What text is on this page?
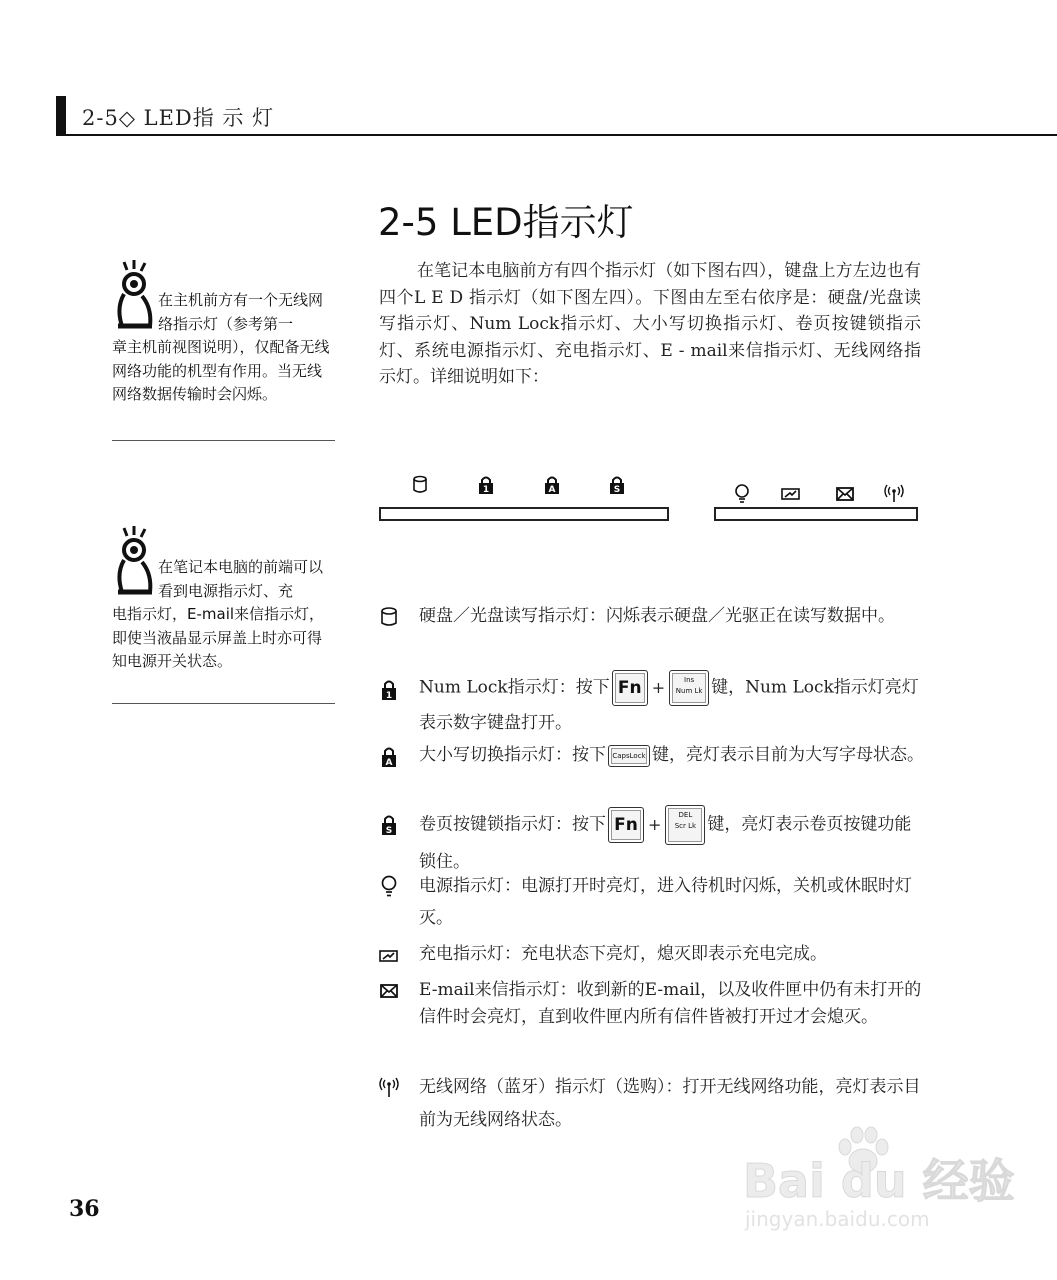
2-5◇ LED指 示 灯
2-5 LED指示灯
在笔记本电脑前方有四个指示灯（如下图右四），键盘上方左边也有四个L E D 指示灯（如下图左四）。下图由左至右依序是：硬盘/光盘读写指示灯、Num Lock指示灯、大小写切换指示灯、卷页按键锁指示灯、系统电源指示灯、充电指示灯、E - mail来信指示灯、无线网络指示灯。详细说明如下：
在主机前方有一个无线网络指示灯（参考第一
章主机前视图说明），仅配备无线网络功能的机型有作用。当无线网络数据传输时会闪烁。
在笔记本电脑的前端可以看到电源指示灯、充
电指示灯，E-mail来信指示灯，即使当液晶显示屏盖上时亦可得知电源开关状态。
1	A	S
硬盘／光盘读写指示灯：闪烁表示硬盘／光驱正在读写数据中。
1	Num Lock指示灯：按下 Fn +	Ins
Num Lk 键，Num Lock指示灯亮灯表示数字键盘打开。
A	大小写切换指示灯：按下 CapsLock 键，亮灯表示目前为大写字母状态。
S	卷页按键锁指示灯：按下 Fn + DEL
Scr Lk 键，亮灯表示卷页按键功能锁住。
电源指示灯：电源打开时亮灯，进入待机时闪烁，关机或休眠时灯灭。
充电指示灯：充电状态下亮灯，熄灭即表示充电完成。
E-mail来信指示灯：收到新的E-mail，以及收件匣中仍有未打开的信件时会亮灯，直到收件匣内所有信件皆被打开过才会熄灭。
无线网络（蓝牙）指示灯（选购）：打开无线网络功能，亮灯表示目前为无线网络状态。
36
Bai du 经验
jingyan.baidu.com
